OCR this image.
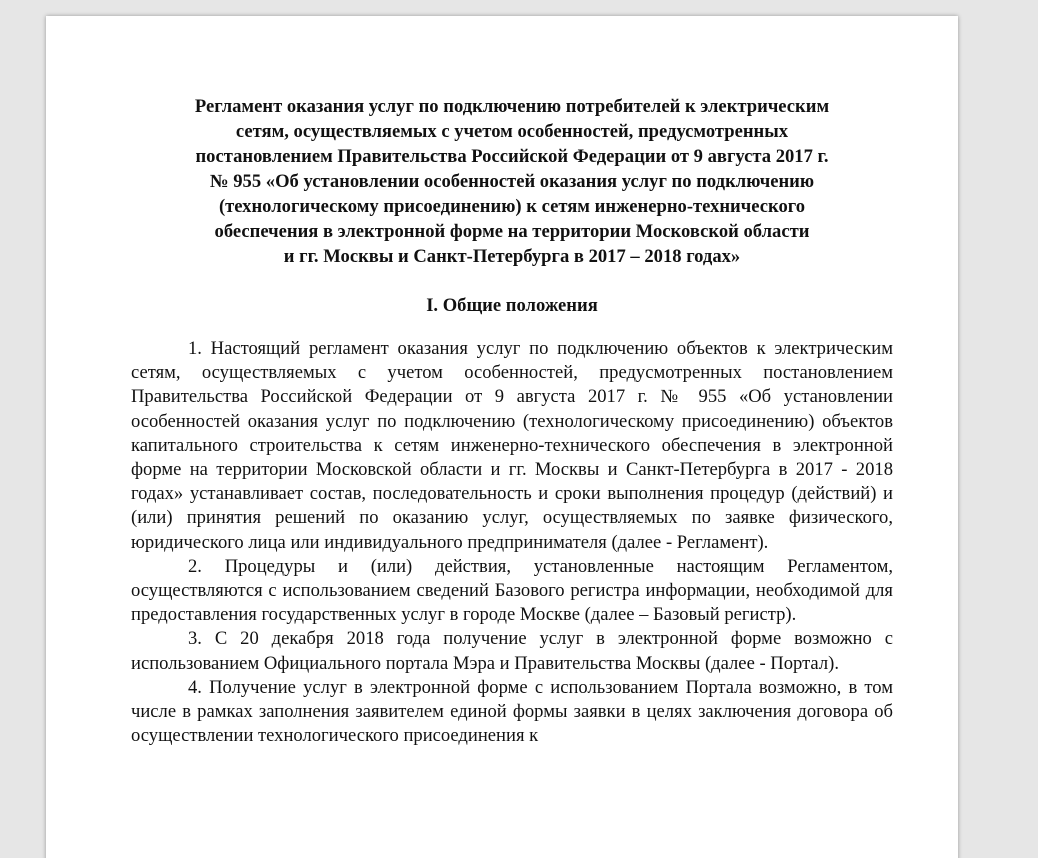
Регламент оказания услуг по подключению потребителей к электрическим
сетям, осуществляемых с учетом особенностей, предусмотренных
постановлением Правительства Российской Федерации от 9 августа 2017 г.
№ 955 «Об установлении особенностей оказания услуг по подключению
(технологическому присоединению) к сетям инженерно-технического
обеспечения в электронной форме на территории Московской области
и гг. Москвы и Санкт-Петербурга в 2017 – 2018 годах»
I. Общие положения

1. Настоящий регламент оказания услуг по подключению объектов к электрическим сетям, осуществляемых с учетом особенностей, предусмотренных постановлением Правительства Российской Федерации от 9 августа 2017 г. № 955 «Об установлении особенностей оказания услуг по подключению (технологическому присоединению) объектов капитального строительства к сетям инженерно-технического обеспечения в электронной форме на территории Московской области и гг. Москвы и Санкт-Петербурга в 2017 - 2018 годах» устанавливает состав, последовательность и сроки выполнения процедур (действий) и (или) принятия решений по оказанию услуг, осуществляемых по заявке физического, юридического лица или индивидуального предпринимателя (далее - Регламент).

2. Процедуры и (или) действия, установленные настоящим Регламентом, осуществляются с использованием сведений Базового регистра информации, необходимой для предоставления государственных услуг в городе Москве (далее – Базовый регистр).

3. С 20 декабря 2018 года получение услуг в электронной форме возможно с использованием Официального портала Мэра и Правительства Москвы (далее - Портал).

4. Получение услуг в электронной форме с использованием Портала возможно, в том числе в рамках заполнения заявителем единой формы заявки в целях заключения договора об осуществлении технологического присоединения к
